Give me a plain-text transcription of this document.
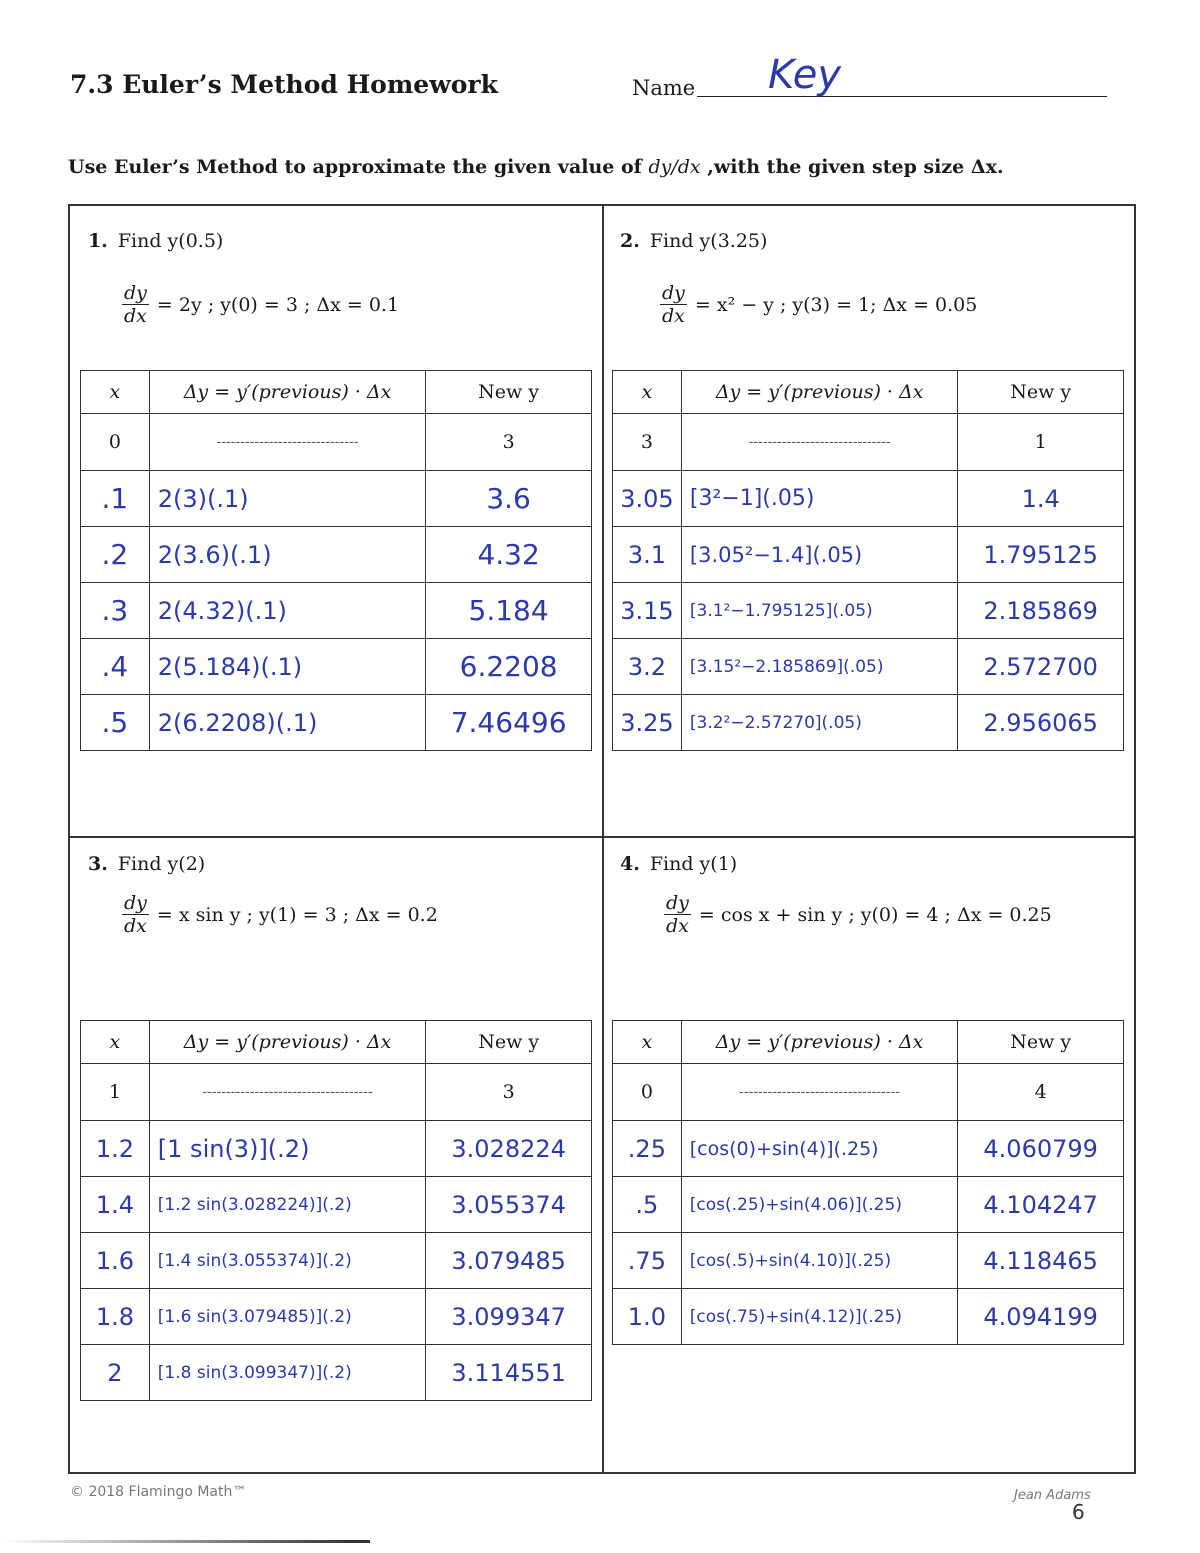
7.3 Euler’s Method Homework	Name Key
Use Euler’s Method to approximate the given value of dy/dx ,with the given step size Δx.
1. Find y(0.5)
$\frac{dy}{dx} = 2y$ ; y(0) = 3 ; Δx = 0.1
x	Δy = y′(previous) · Δx	New y
0	------------------------------	3
.1	2(3)(.1)	3.6
.2	2(3.6)(.1)	4.32
.3	2(4.32)(.1)	5.184
.4	2(5.184)(.1)	6.2208
.5	2(6.2208)(.1)	7.46496
2. Find y(3.25)
$\frac{dy}{dx} = x^2 - y$ ; y(3) = 1; Δx = 0.05
x	Δy = y′(previous) · Δx	New y
3	------------------------------	1
3.05	[3²−1](.05)	1.4
3.1	[3.05²−1.4](.05)	1.795125
3.15	[3.1²−1.795125](.05)	2.185869
3.2	[3.15²−2.185869](.05)	2.572700
3.25	[3.2²−2.57270](.05)	2.956065
3. Find y(2)
$\frac{dy}{dx} = x$ sin y ; y(1) = 3 ; Δx = 0.2
x	Δy = y′(previous) · Δx	New y
1	------------------------------------	3
1.2	[1 sin(3)](.2)	3.028224
1.4	[1.2 sin(3.028224)](.2)	3.055374
1.6	[1.4 sin(3.055374)](.2)	3.079485
1.8	[1.6 sin(3.079485)](.2)	3.099347
2	[1.8 sin(3.099347)](.2)	3.114551
4. Find y(1)
$\frac{dy}{dx} = \cos x + \sin y$ ; y(0) = 4 ; Δx = 0.25
x	Δy = y′(previous) · Δx	New y
0	----------------------------------	4
.25	[cos(0)+sin(4)](.25)	4.060799
.5	[cos(.25)+sin(4.06)](.25)	4.104247
.75	[cos(.5)+sin(4.10)](.25)	4.118465
1.0	[cos(.75)+sin(4.12)](.25)	4.094199
© 2018 Flamingo Math™	Jean Adams
6
